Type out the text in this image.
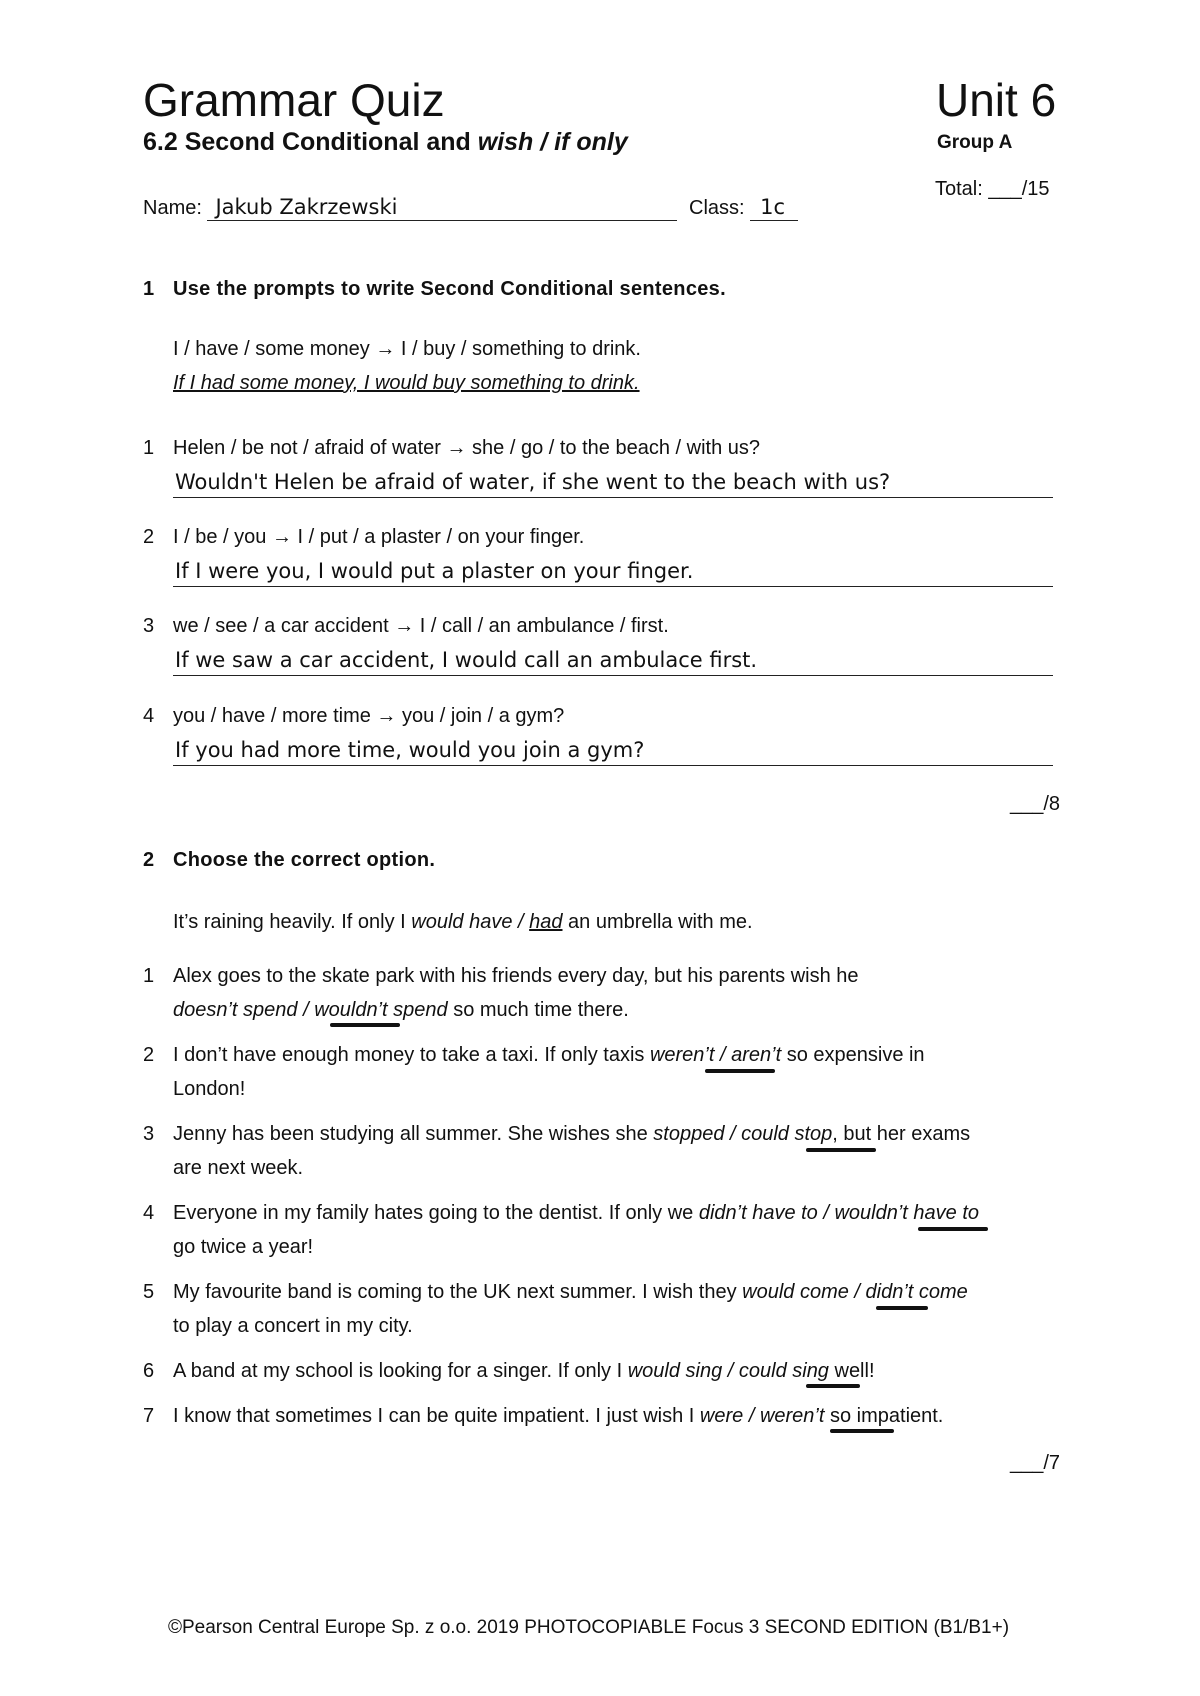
Grammar Quiz	Unit 6
6.2 Second Conditional and wish / if only	Group A
Total: ___/15
Name: Jakub Zakrzewski	Class: 1c
1 Use the prompts to write Second Conditional sentences.
I / have / some money → I / buy / something to drink.
If I had some money, I would buy something to drink.
1 Helen / be not / afraid of water → she / go / to the beach / with us?
Wouldn't Helen be afraid of water, if she went to the beach with us?
2 I / be / you → I / put / a plaster / on your finger.
If I were you, I would put a plaster on your finger.
3 we / see / a car accident → I / call / an ambulance / first.
If we saw a car accident, I would call an ambulace first.
4 you / have / more time → you / join / a gym?
If you had more time, would you join a gym?
___/8
2 Choose the correct option.
It’s raining heavily. If only I would have / had an umbrella with me.
1 Alex goes to the skate park with his friends every day, but his parents wish he
doesn’t spend / wouldn’t spend so much time there.
2 I don’t have enough money to take a taxi. If only taxis weren’t / aren’t so expensive in
London!
3 Jenny has been studying all summer. She wishes she stopped / could stop, but her exams
are next week.
4 Everyone in my family hates going to the dentist. If only we didn’t have to / wouldn’t have to
go twice a year!
5 My favourite band is coming to the UK next summer. I wish they would come / didn’t come
to play a concert in my city.
6 A band at my school is looking for a singer. If only I would sing / could sing well!
7 I know that sometimes I can be quite impatient. I just wish I were / weren’t so impatient.
___/7
©Pearson Central Europe Sp. z o.o. 2019 PHOTOCOPIABLE Focus 3 SECOND EDITION (B1/B1+)
